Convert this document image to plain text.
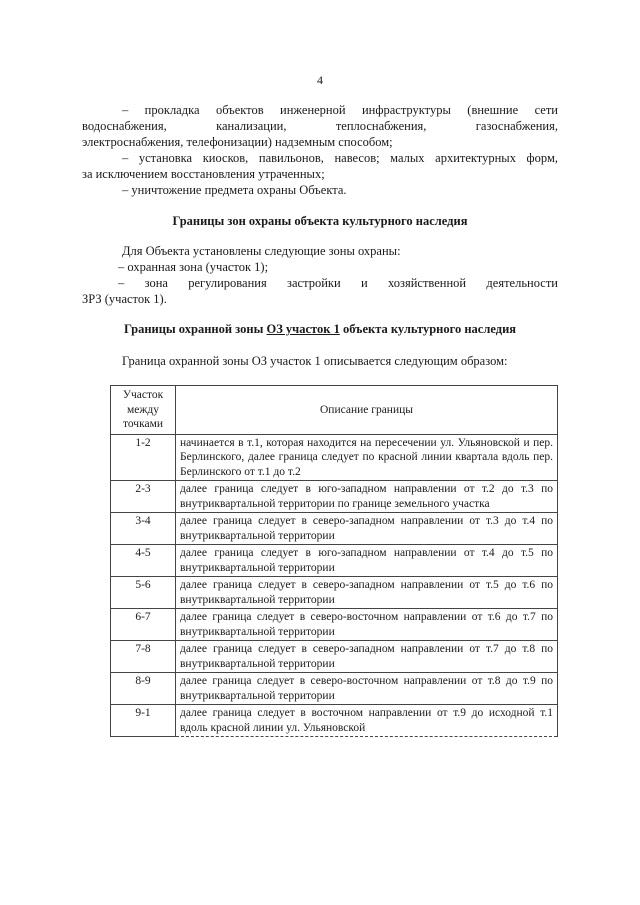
4
– прокладка объектов инженерной инфраструктуры (внешние сети
водоснабжения, канализации, теплоснабжения, газоснабжения,
электроснабжения, телефонизации) надземным способом;
– установка киосков, павильонов, навесов; малых архитектурных форм,
за исключением восстановления утраченных;
– уничтожение предмета охраны Объекта.
Границы зон охраны объекта культурного наследия
Для Объекта установлены следующие зоны охраны:
– охранная зона (участок 1);
– зона регулирования застройки и хозяйственной деятельности
ЗРЗ (участок 1).
Границы охранной зоны ОЗ участок 1 объекта культурного наследия
Граница охранной зоны ОЗ участок 1 описывается следующим образом:
Участок между точками	Описание границы
1-2	начинается в т.1, которая находится на пересечении ул. Ульяновской и пер. Берлинского, далее граница следует по красной линии квартала вдоль пер. Берлинского от т.1 до т.2
2-3	далее граница следует в юго-западном направлении от т.2 до т.3 по внутриквартальной территории по границе земельного участка
3-4	далее граница следует в северо-западном направлении от т.3 до т.4 по внутриквартальной территории
4-5	далее граница следует в юго-западном направлении от т.4 до т.5 по внутриквартальной территории
5-6	далее граница следует в северо-западном направлении от т.5 до т.6 по внутриквартальной территории
6-7	далее граница следует в северо-восточном направлении от т.6 до т.7 по внутриквартальной территории
7-8	далее граница следует в северо-западном направлении от т.7 до т.8 по внутриквартальной территории
8-9	далее граница следует в северо-восточном направлении от т.8 до т.9 по внутриквартальной территории
9-1	далее граница следует в восточном направлении от т.9 до исходной т.1 вдоль красной линии ул. Ульяновской
